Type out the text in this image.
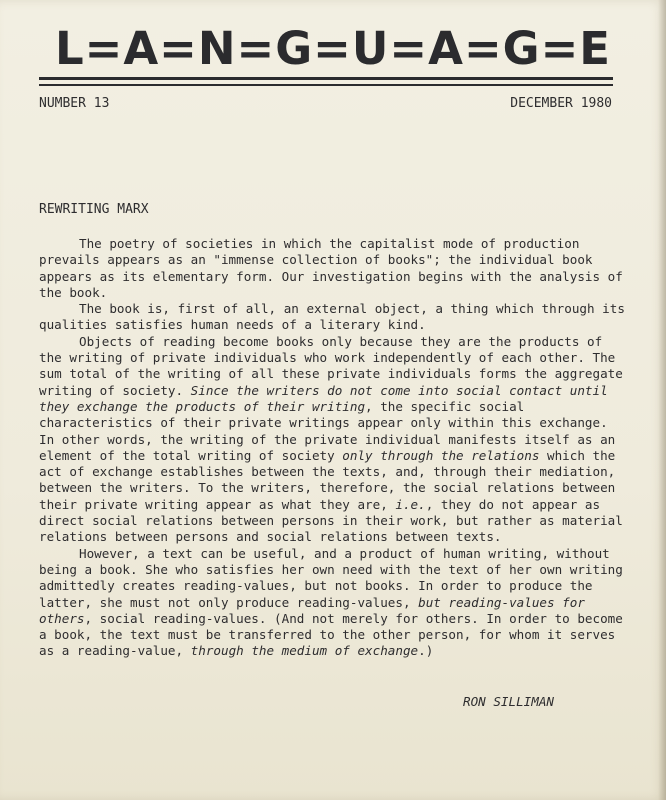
L=A=N=G=U=A=G=E
NUMBER 13	DECEMBER 1980
REWRITING MARX

The poetry of societies in which the capitalist mode of production prevails appears as an "immense collection of books"; the individual book appears as its elementary form. Our investigation begins with the analysis of the book.

The book is, first of all, an external object, a thing which through its qualities satisfies human needs of a literary kind.

Objects of reading become books only because they are the products of the writing of private individuals who work independently of each other. The sum total of the writing of all these private individuals forms the aggregate writing of society. Since the writers do not come into social contact until they exchange the products of their writing, the specific social characteristics of their private writings appear only within this exchange. In other words, the writing of the private individual manifests itself as an element of the total writing of society only through the relations which the act of exchange establishes between the texts, and, through their mediation, between the writers. To the writers, therefore, the social relations between their private writing appear as what they are, i.e., they do not appear as direct social relations between persons in their work, but rather as material relations between persons and social relations between texts.

However, a text can be useful, and a product of human writing, without being a book. She who satisfies her own need with the text of her own writing admittedly creates reading-values, but not books. In order to produce the latter, she must not only produce reading-values, but reading-values for others, social reading-values. (And not merely for others. In order to become a book, the text must be transferred to the other person, for whom it serves as a reading-value, through the medium of exchange.)

RON SILLIMAN
